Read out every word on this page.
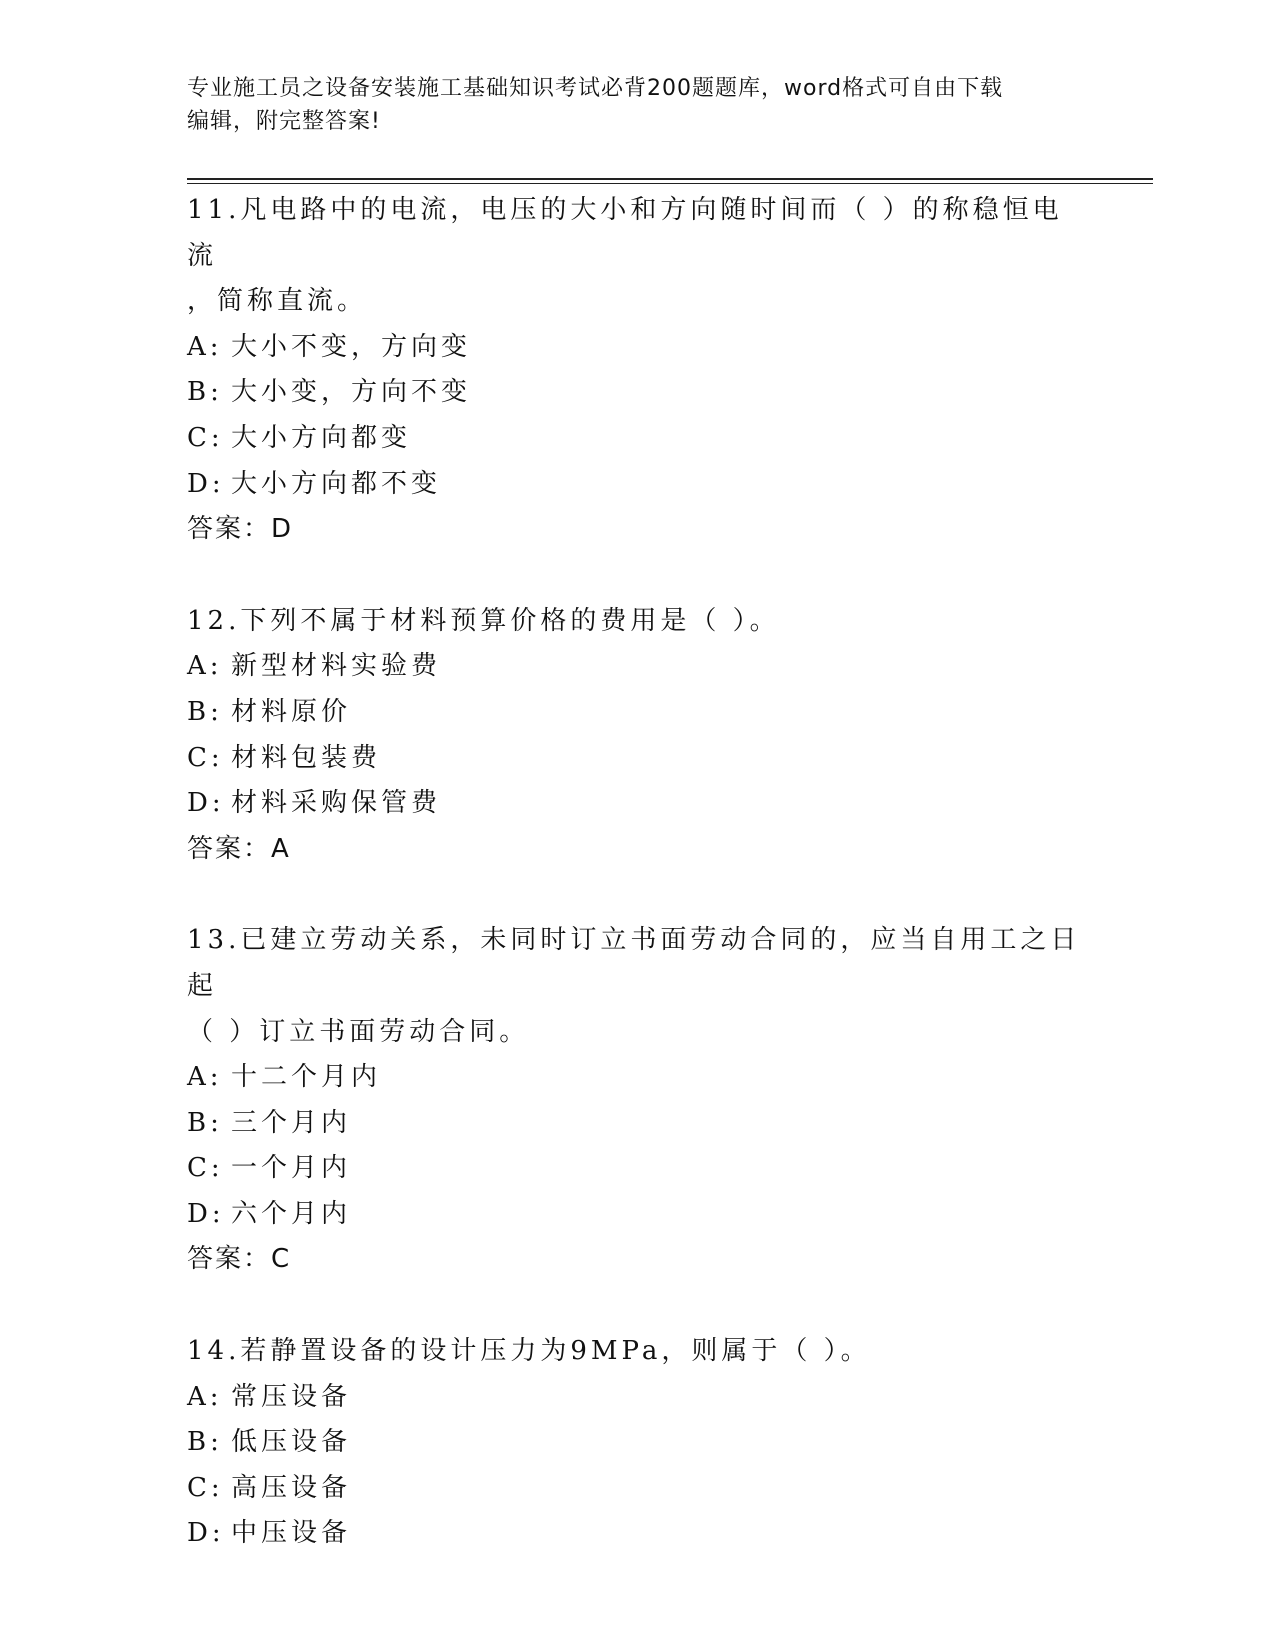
专业施工员之设备安装施工基础知识考试必背200题题库，word格式可自由下载
编辑，附完整答案!
11.凡电路中的电流，电压的大小和方向随时间而（ ）的称稳恒电流
，简称直流。
A: 大小不变，方向变
B: 大小变，方向不变
C: 大小方向都变
D: 大小方向都不变
答案：D
12.下列不属于材料预算价格的费用是（ ）。
A: 新型材料实验费
B: 材料原价
C: 材料包装费
D: 材料采购保管费
答案：A
13.已建立劳动关系，未同时订立书面劳动合同的，应当自用工之日起
（ ）订立书面劳动合同。
A: 十二个月内
B: 三个月内
C: 一个月内
D: 六个月内
答案：C
14.若静置设备的设计压力为9MPa，则属于（ ）。
A: 常压设备
B: 低压设备
C: 高压设备
D: 中压设备
